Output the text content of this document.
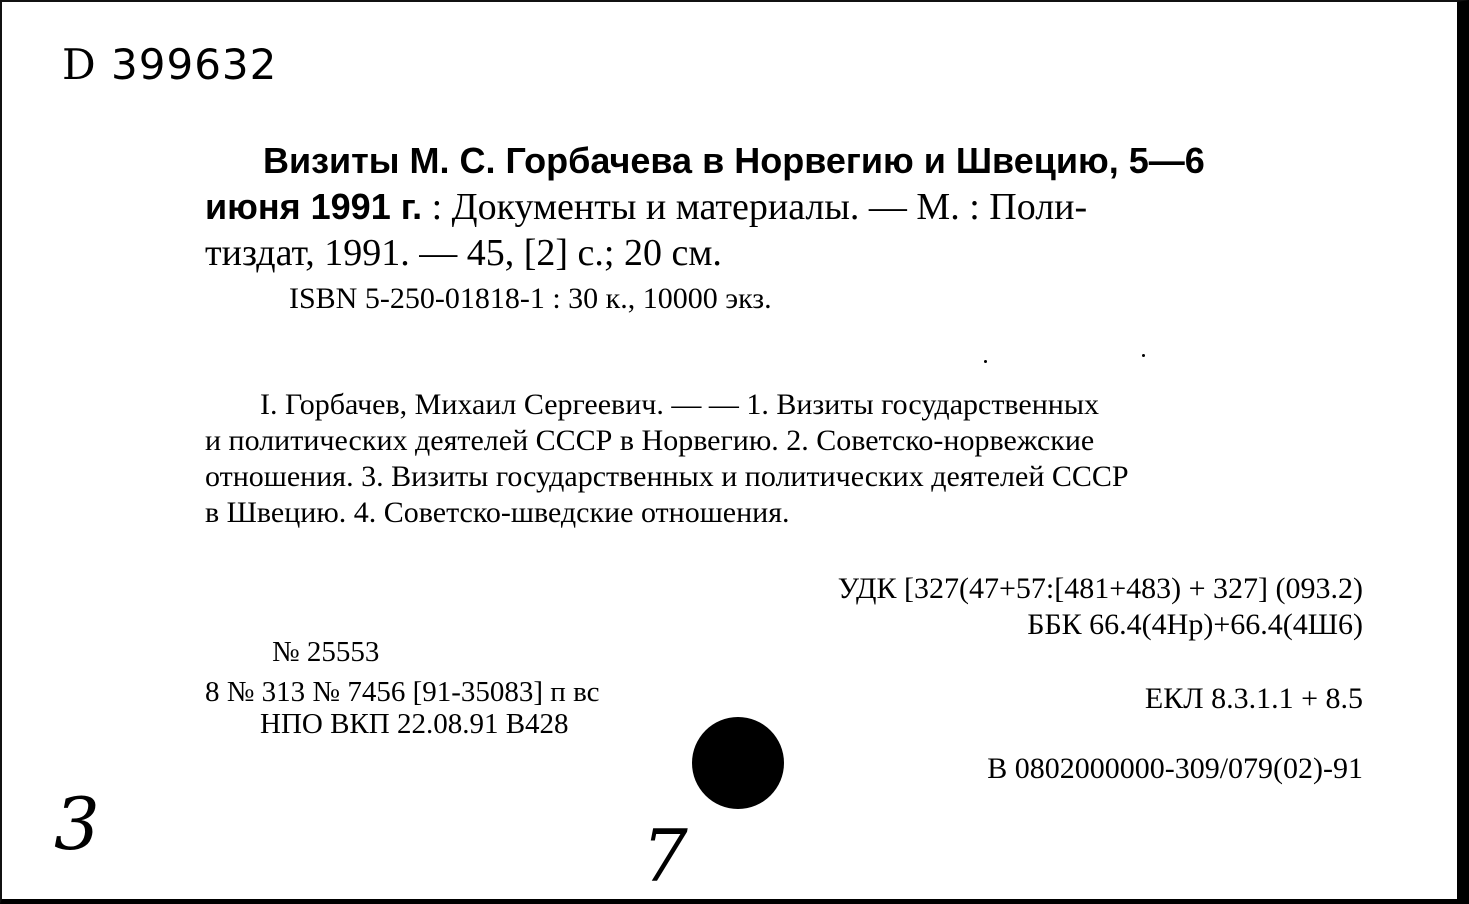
D 399632
Визиты М. С. Горбачева в Норвегию и Швецию, 5—6
июня 1991 г. : Документы и материалы. — М. : Поли-
тиздат, 1991. — 45, [2] с.; 20 см.
ISBN 5-250-01818-1 : 30 к., 10000 экз.
I. Горбачев, Михаил Сергеевич. — — 1. Визиты государственных
и политических деятелей СССР в Норвегию. 2. Советско-норвежские
отношения. 3. Визиты государственных и политических деятелей СССР
в Швецию. 4. Советско-шведские отношения.
УДК [327(47+57:[481+483) + 327] (093.2)
ББК 66.4(4Нр)+66.4(4Ш6)
ЕКЛ 8.3.1.1 + 8.5
В 0802000000-309/079(02)-91
№ 25553
8 № 313 № 7456 [91-35083] п вс
НПО ВКП 22.08.91 В428
3	7
